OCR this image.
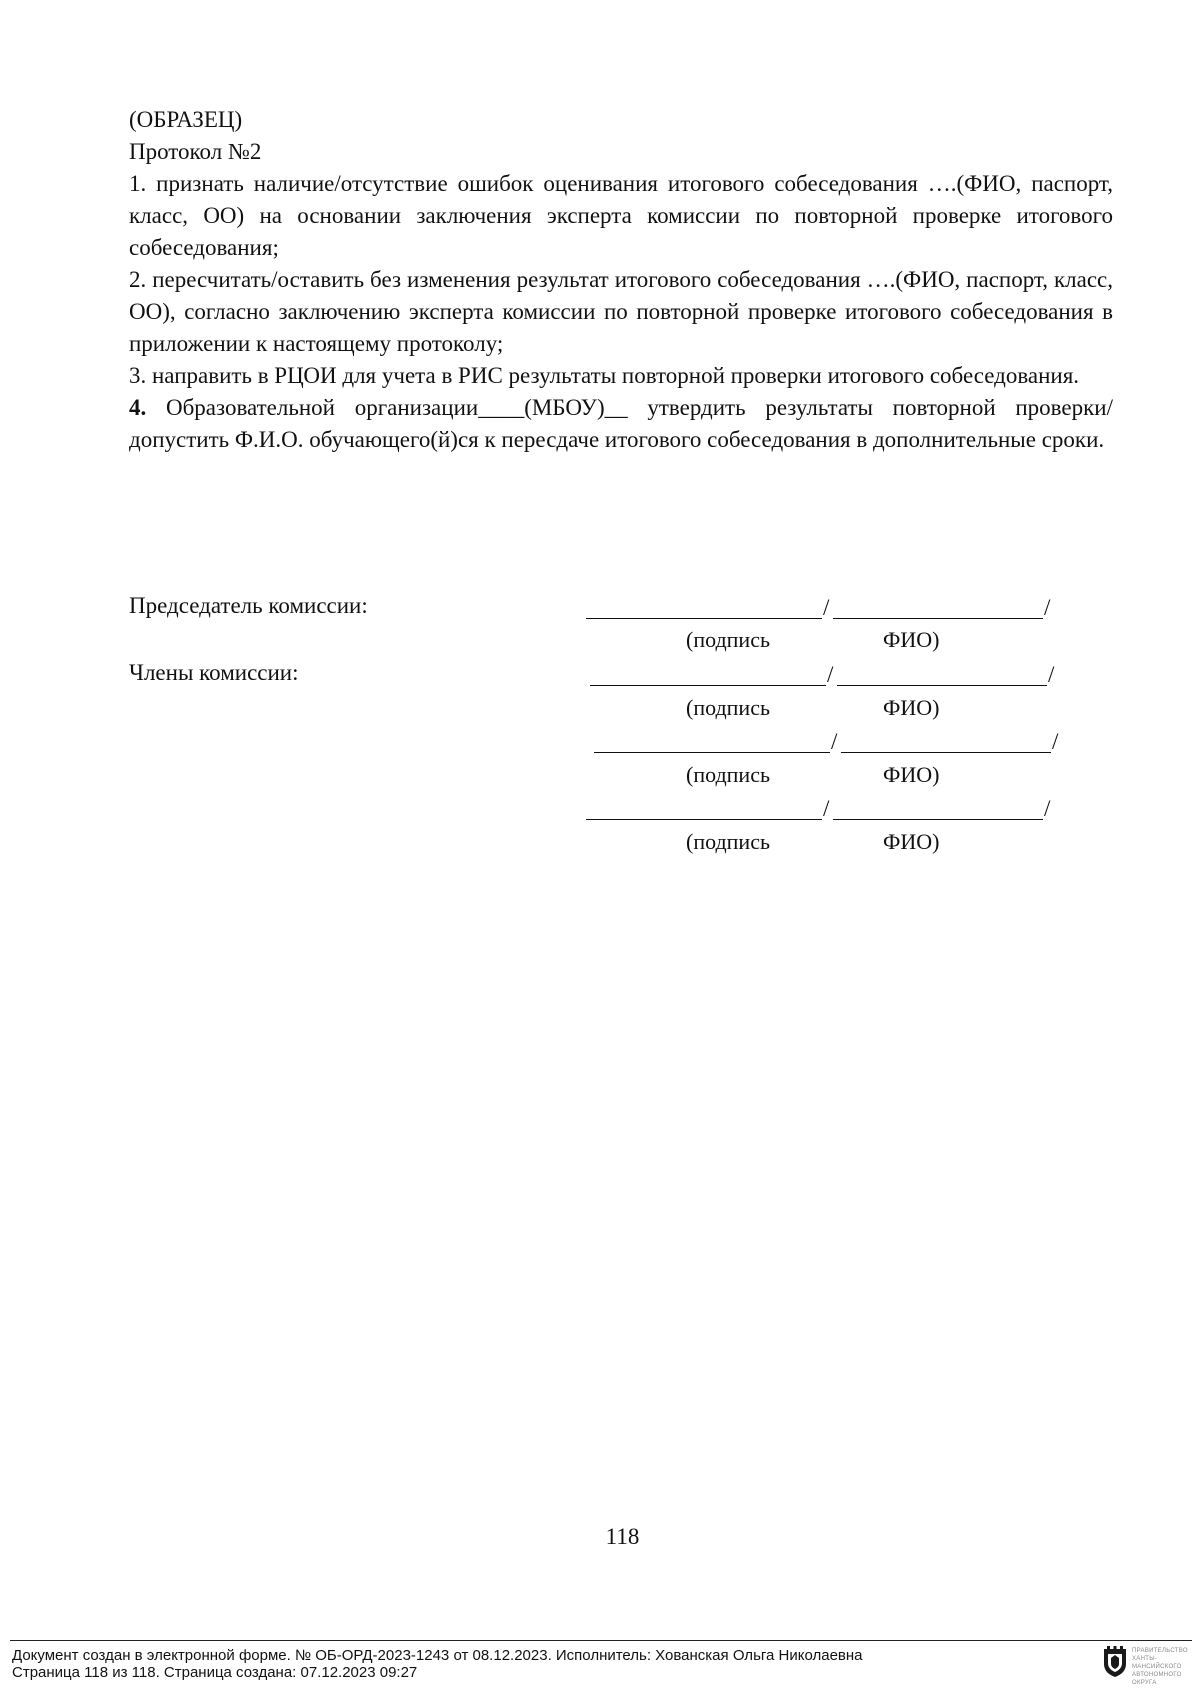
(ОБРАЗЕЦ)

Протокол №2

1. признать наличие/отсутствие ошибок оценивания итогового собеседования ….(ФИО, паспорт, класс, ОО) на основании заключения эксперта комиссии по повторной проверке итогового собеседования;

2. пересчитать/оставить без изменения результат итогового собеседования ….(ФИО, паспорт, класс, ОО), согласно заключению эксперта комиссии по повторной проверке итогового собеседования в приложении к настоящему протоколу;

3. направить в РЦОИ для учета в РИС результаты повторной проверки итогового собеседования.

4. Образовательной организации____(МБОУ)__ утвердить результаты повторной проверки/допустить Ф.И.О. обучающего(й)ся к пересдаче итогового собеседования в дополнительные сроки.

Председатель комиссии:	/	/
(подпись	ФИО)
Члены комиссии:	/	/
(подпись	ФИО)
/	/
(подпись	ФИО)
/	/
(подпись	ФИО)
118
Документ создан в электронной форме. № ОБ-ОРД-2023-1243 от 08.12.2023. Исполнитель: Хованская Ольга Николаевна
Страница 118 из 118. Страница создана: 07.12.2023 09:27
ПРАВИТЕЛЬСТВО
ХАНТЫ-МАНСИЙСКОГО
АВТОНОМНОГО
ОКРУГА
